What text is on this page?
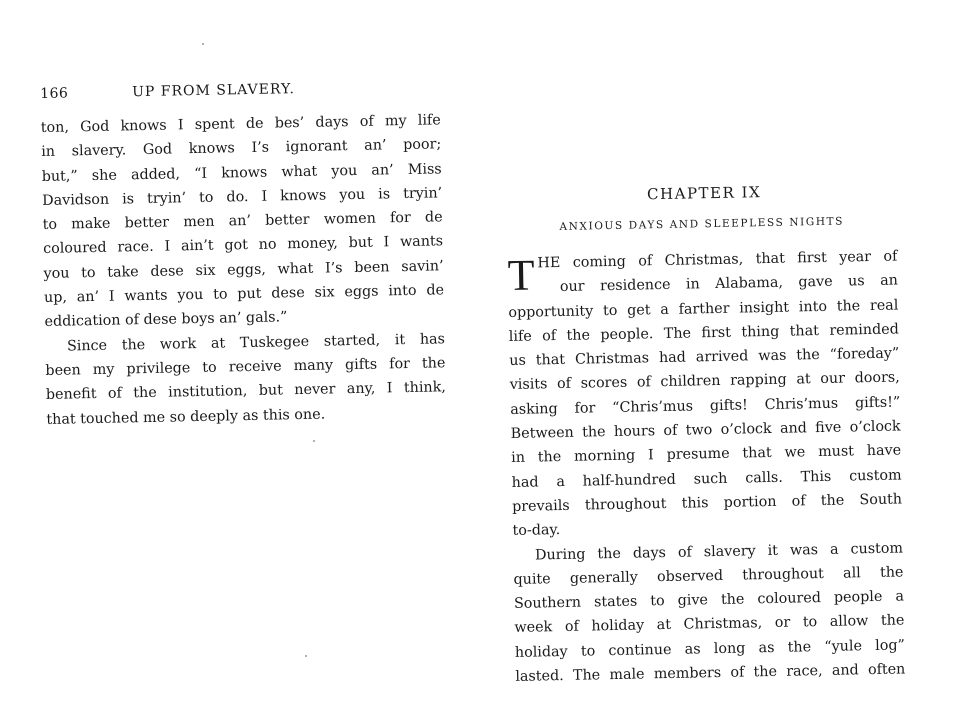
166	UP FROM SLAVERY.
ton, God knows I spent de bes’ days of my life
in slavery. God knows I’s ignorant an’ poor;
but,” she added, “I knows what you an’ Miss
Davidson is tryin’ to do. I knows you is tryin’
to make better men an’ better women for de
coloured race. I ain’t got no money, but I wants
you to take dese six eggs, what I’s been savin’
up, an’ I wants you to put dese six eggs into de
eddication of dese boys an’ gals.”
Since the work at Tuskegee started, it has
been my privilege to receive many gifts for the
benefit of the institution, but never any, I think,
that touched me so deeply as this one.
CHAPTER IX
ANXIOUS DAYS AND SLEEPLESS NIGHTS
T HE coming of Christmas, that first year of
our residence in Alabama, gave us an
opportunity to get a farther insight into the real
life of the people. The first thing that reminded
us that Christmas had arrived was the “foreday”
visits of scores of children rapping at our doors,
asking for “Chris’mus gifts! Chris’mus gifts!”
Between the hours of two o’clock and five o’clock
in the morning I presume that we must have
had a half-hundred such calls. This custom
prevails throughout this portion of the South
to-day.
During the days of slavery it was a custom
quite generally observed throughout all the
Southern states to give the coloured people a
week of holiday at Christmas, or to allow the
holiday to continue as long as the “yule log”
lasted. The male members of the race, and often
